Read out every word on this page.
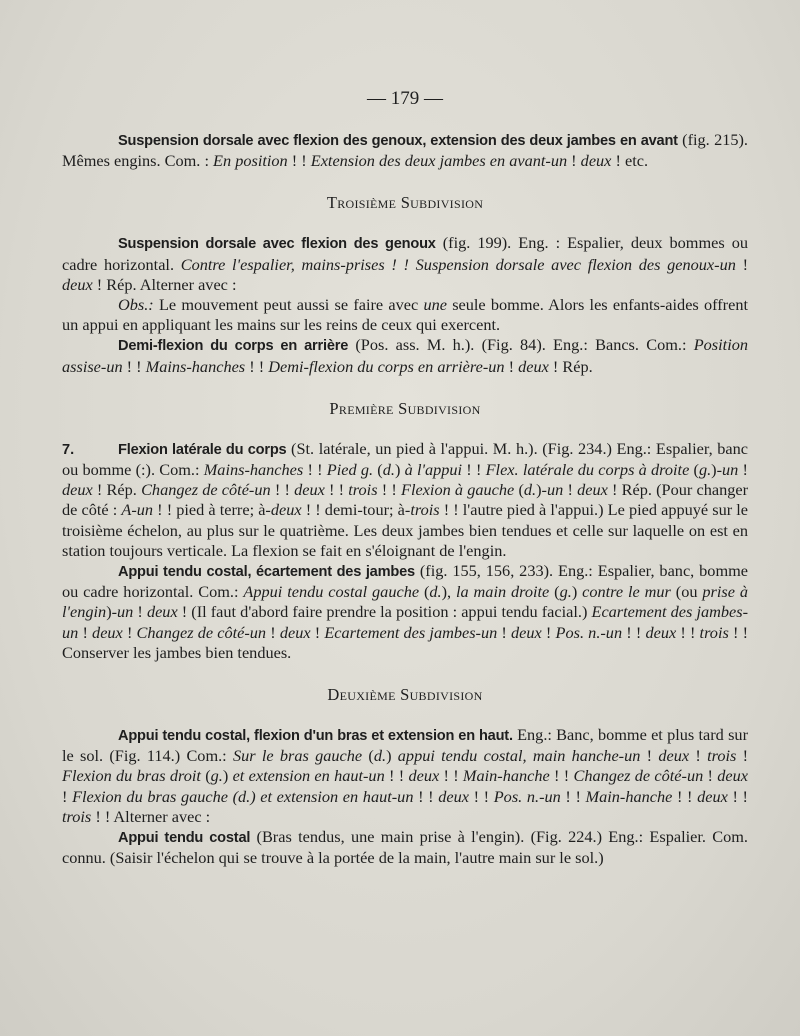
— 179 —

Suspension dorsale avec flexion des genoux, extension des deux jambes en avant (fig. 215). Mêmes engins. Com. : En position ! ! Extension des deux jambes en avant-un ! deux ! etc.

Troisième Subdivision

Suspension dorsale avec flexion des genoux (fig. 199). Eng. : Espalier, deux bommes ou cadre horizontal. Contre l'espalier, mains-prises ! ! Suspension dorsale avec flexion des genoux-un ! deux ! Rép. Alterner avec :

Obs.: Le mouvement peut aussi se faire avec une seule bomme. Alors les enfants-aides offrent un appui en appliquant les mains sur les reins de ceux qui exercent.

Demi-flexion du corps en arrière (Pos. ass. M. h.). (Fig. 84). Eng.: Bancs. Com.: Position assise-un ! ! Mains-hanches ! ! Demi-flexion du corps en arrière-un ! deux ! Rép.

Première Subdivision

7.	Flexion latérale du corps (St. latérale, un pied à l'appui. M. h.). (Fig. 234.) Eng.: Espalier, banc ou bomme (:). Com.: Mains-hanches ! ! Pied g. (d.) à l'appui ! ! Flex. latérale du corps à droite (g.)-un ! deux ! Rép. Changez de côté-un ! ! deux ! ! trois ! ! Flexion à gauche (d.)-un ! deux ! Rép. (Pour changer de côté : A-un ! ! pied à terre; à-deux ! ! demi-tour; à-trois ! ! l'autre pied à l'appui.) Le pied appuyé sur le troisième échelon, au plus sur le quatrième. Les deux jambes bien tendues et celle sur laquelle on est en station toujours verticale. La flexion se fait en s'éloignant de l'engin.

Appui tendu costal, écartement des jambes (fig. 155, 156, 233). Eng.: Espalier, banc, bomme ou cadre horizontal. Com.: Appui tendu costal gauche (d.), la main droite (g.) contre le mur (ou prise à l'engin)-un ! deux ! (Il faut d'abord faire prendre la position : appui tendu facial.) Ecartement des jambes-un ! deux ! Changez de côté-un ! deux ! Ecartement des jambes-un ! deux ! Pos. n.-un ! ! deux ! ! trois ! ! Conserver les jambes bien tendues.

Deuxième Subdivision

Appui tendu costal, flexion d'un bras et extension en haut. Eng.: Banc, bomme et plus tard sur le sol. (Fig. 114.) Com.: Sur le bras gauche (d.) appui tendu costal, main hanche-un ! deux ! trois ! Flexion du bras droit (g.) et extension en haut-un ! ! deux ! ! Main-hanche ! ! Changez de côté-un ! deux ! Flexion du bras gauche (d.) et extension en haut-un ! ! deux ! ! Pos. n.-un ! ! Main-hanche ! ! deux ! ! trois ! ! Alterner avec :

Appui tendu costal (Bras tendus, une main prise à l'engin). (Fig. 224.) Eng.: Espalier. Com. connu. (Saisir l'échelon qui se trouve à la portée de la main, l'autre main sur le sol.)
